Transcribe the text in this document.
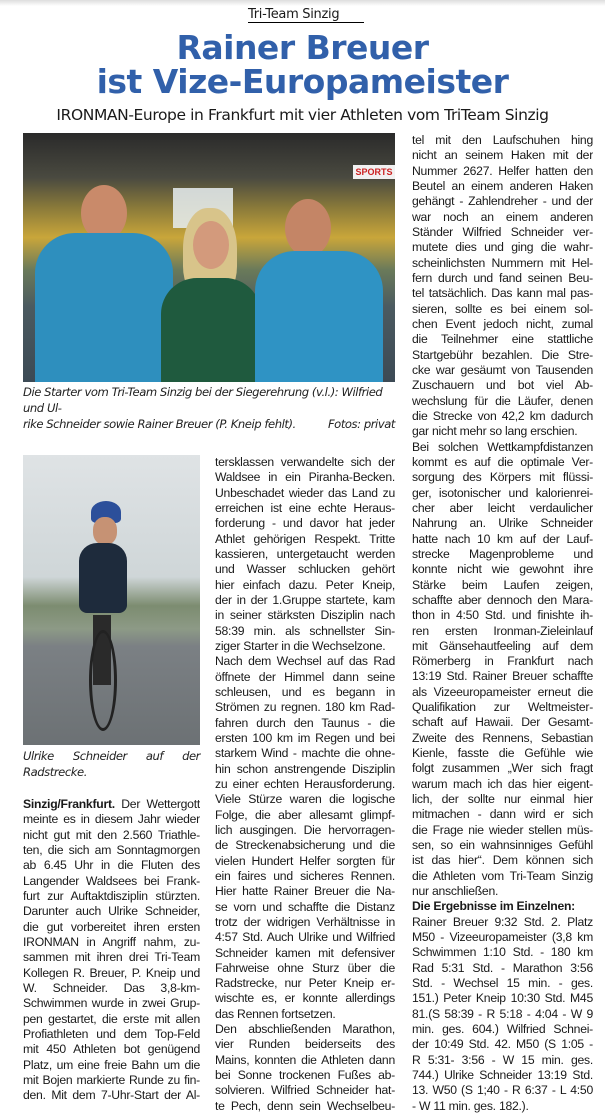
Tri-Team Sinzig
Rainer Breuer
ist Vize-Europameister
IRONMAN-Europe in Frankfurt mit vier Athleten vom TriTeam Sinzig
SPORTS
Die Starter vom Tri-Team Sinzig bei der Siegerehrung (v.l.): Wilfried und Ul-
rike Schneider sowie Rainer Breuer (P. Kneip fehlt).	Fotos: privat
Ulrike Schneider auf der Radstrecke.
Sinzig/Frankfurt. Der Wettergott
meinte es in diesem Jahr wieder
nicht gut mit den 2.560 Triathle-
ten, die sich am Sonntagmorgen
ab 6.45 Uhr in die Fluten des
Langender Waldsees bei Frank-
furt zur Auftaktdisziplin stürzten.
Darunter auch Ulrike Schneider,
die gut vorbereitet ihren ersten
IRONMAN in Angriff nahm, zu-
sammen mit ihren drei Tri-Team
Kollegen R. Breuer, P. Kneip und
W. Schneider. Das 3,8-km-
Schwimmen wurde in zwei Grup-
pen gestartet, die erste mit allen
Profiathleten und dem Top-Feld
mit 450 Athleten bot genügend
Platz, um eine freie Bahn um die
mit Bojen markierte Runde zu fin-
den. Mit dem 7-Uhr-Start der Al-
tersklassen verwandelte sich der
Waldsee in ein Piranha-Becken.
Unbeschadet wieder das Land zu
erreichen ist eine echte Heraus-
forderung - und davor hat jeder
Athlet gehörigen Respekt. Tritte
kassieren, untergetaucht werden
und Wasser schlucken gehört
hier einfach dazu. Peter Kneip,
der in der 1.Gruppe startete, kam
in seiner stärksten Disziplin nach
58:39 min. als schnellster Sin-
ziger Starter in die Wechselzone.
Nach dem Wechsel auf das Rad
öffnete der Himmel dann seine
schleusen, und es begann in
Strömen zu regnen. 180 km Rad-
fahren durch den Taunus - die
ersten 100 km im Regen und bei
starkem Wind - machte die ohne-
hin schon anstrengende Disziplin
zu einer echten Herausforderung.
Viele Stürze waren die logische
Folge, die aber allesamt glimpf-
lich ausgingen. Die hervorragen-
de Streckenabsicherung und die
vielen Hundert Helfer sorgten für
ein faires und sicheres Rennen.
Hier hatte Rainer Breuer die Na-
se vorn und schaffte die Distanz
trotz der widrigen Verhältnisse in
4:57 Std. Auch Ulrike und Wilfried
Schneider kamen mit defensiver
Fahrweise ohne Sturz über die
Radstrecke, nur Peter Kneip er-
wischte es, er konnte allerdings
das Rennen fortsetzen.
Den abschließenden Marathon,
vier Runden beiderseits des
Mains, konnten die Athleten dann
bei Sonne trockenen Fußes ab-
solvieren. Wilfried Schneider hat-
te Pech, denn sein Wechselbeu-
tel mit den Laufschuhen hing
nicht an seinem Haken mit der
Nummer 2627. Helfer hatten den
Beutel an einem anderen Haken
gehängt - Zahlendreher - und der
war noch an einem anderen
Ständer Wilfried Schneider ver-
mutete dies und ging die wahr-
scheinlichsten Nummern mit Hel-
fern durch und fand seinen Beu-
tel tatsächlich. Das kann mal pas-
sieren, sollte es bei einem sol-
chen Event jedoch nicht, zumal
die Teilnehmer eine stattliche
Startgebühr bezahlen. Die Stre-
cke war gesäumt von Tausenden
Zuschauern und bot viel Ab-
wechslung für die Läufer, denen
die Strecke von 42,2 km dadurch
gar nicht mehr so lang erschien.
Bei solchen Wettkampfdistanzen
kommt es auf die optimale Ver-
sorgung des Körpers mit flüssi-
ger, isotonischer und kalorienrei-
cher aber leicht verdaulicher
Nahrung an. Ulrike Schneider
hatte nach 10 km auf der Lauf-
strecke Magenprobleme und
konnte nicht wie gewohnt ihre
Stärke beim Laufen zeigen,
schaffte aber dennoch den Mara-
thon in 4:50 Std. und finishte ih-
ren ersten Ironman-Zieleinlauf
mit Gänsehautfeeling auf dem
Römerberg in Frankfurt nach
13:19 Std. Rainer Breuer schaffte
als Vizeeuropameister erneut die
Qualifikation zur Weltmeister-
schaft auf Hawaii. Der Gesamt-
Zweite des Rennens, Sebastian
Kienle, fasste die Gefühle wie
folgt zusammen „Wer sich fragt
warum mach ich das hier eigent-
lich, der sollte nur einmal hier
mitmachen - dann wird er sich
die Frage nie wieder stellen müs-
sen, so ein wahnsinniges Gefühl
ist das hier“. Dem können sich
die Athleten vom Tri-Team Sinzig
nur anschließen.
Die Ergebnisse im Einzelnen:
Rainer Breuer 9:32 Std. 2. Platz
M50 - Vizeeuropameister (3,8 km
Schwimmen 1:10 Std. - 180 km
Rad 5:31 Std. - Marathon 3:56
Std. - Wechsel 15 min. - ges.
151.) Peter Kneip 10:30 Std. M45
81.(S 58:39 - R 5:18 - 4:04 - W 9
min. ges. 604.) Wilfried Schnei-
der 10:49 Std. 42. M50 (S 1:05 -
R 5:31- 3:56 - W 15 min. ges.
744.) Ulrike Schneider 13:19 Std.
13. W50 (S 1;40 - R 6:37 - L 4:50
- W 11 min. ges. 182.).
